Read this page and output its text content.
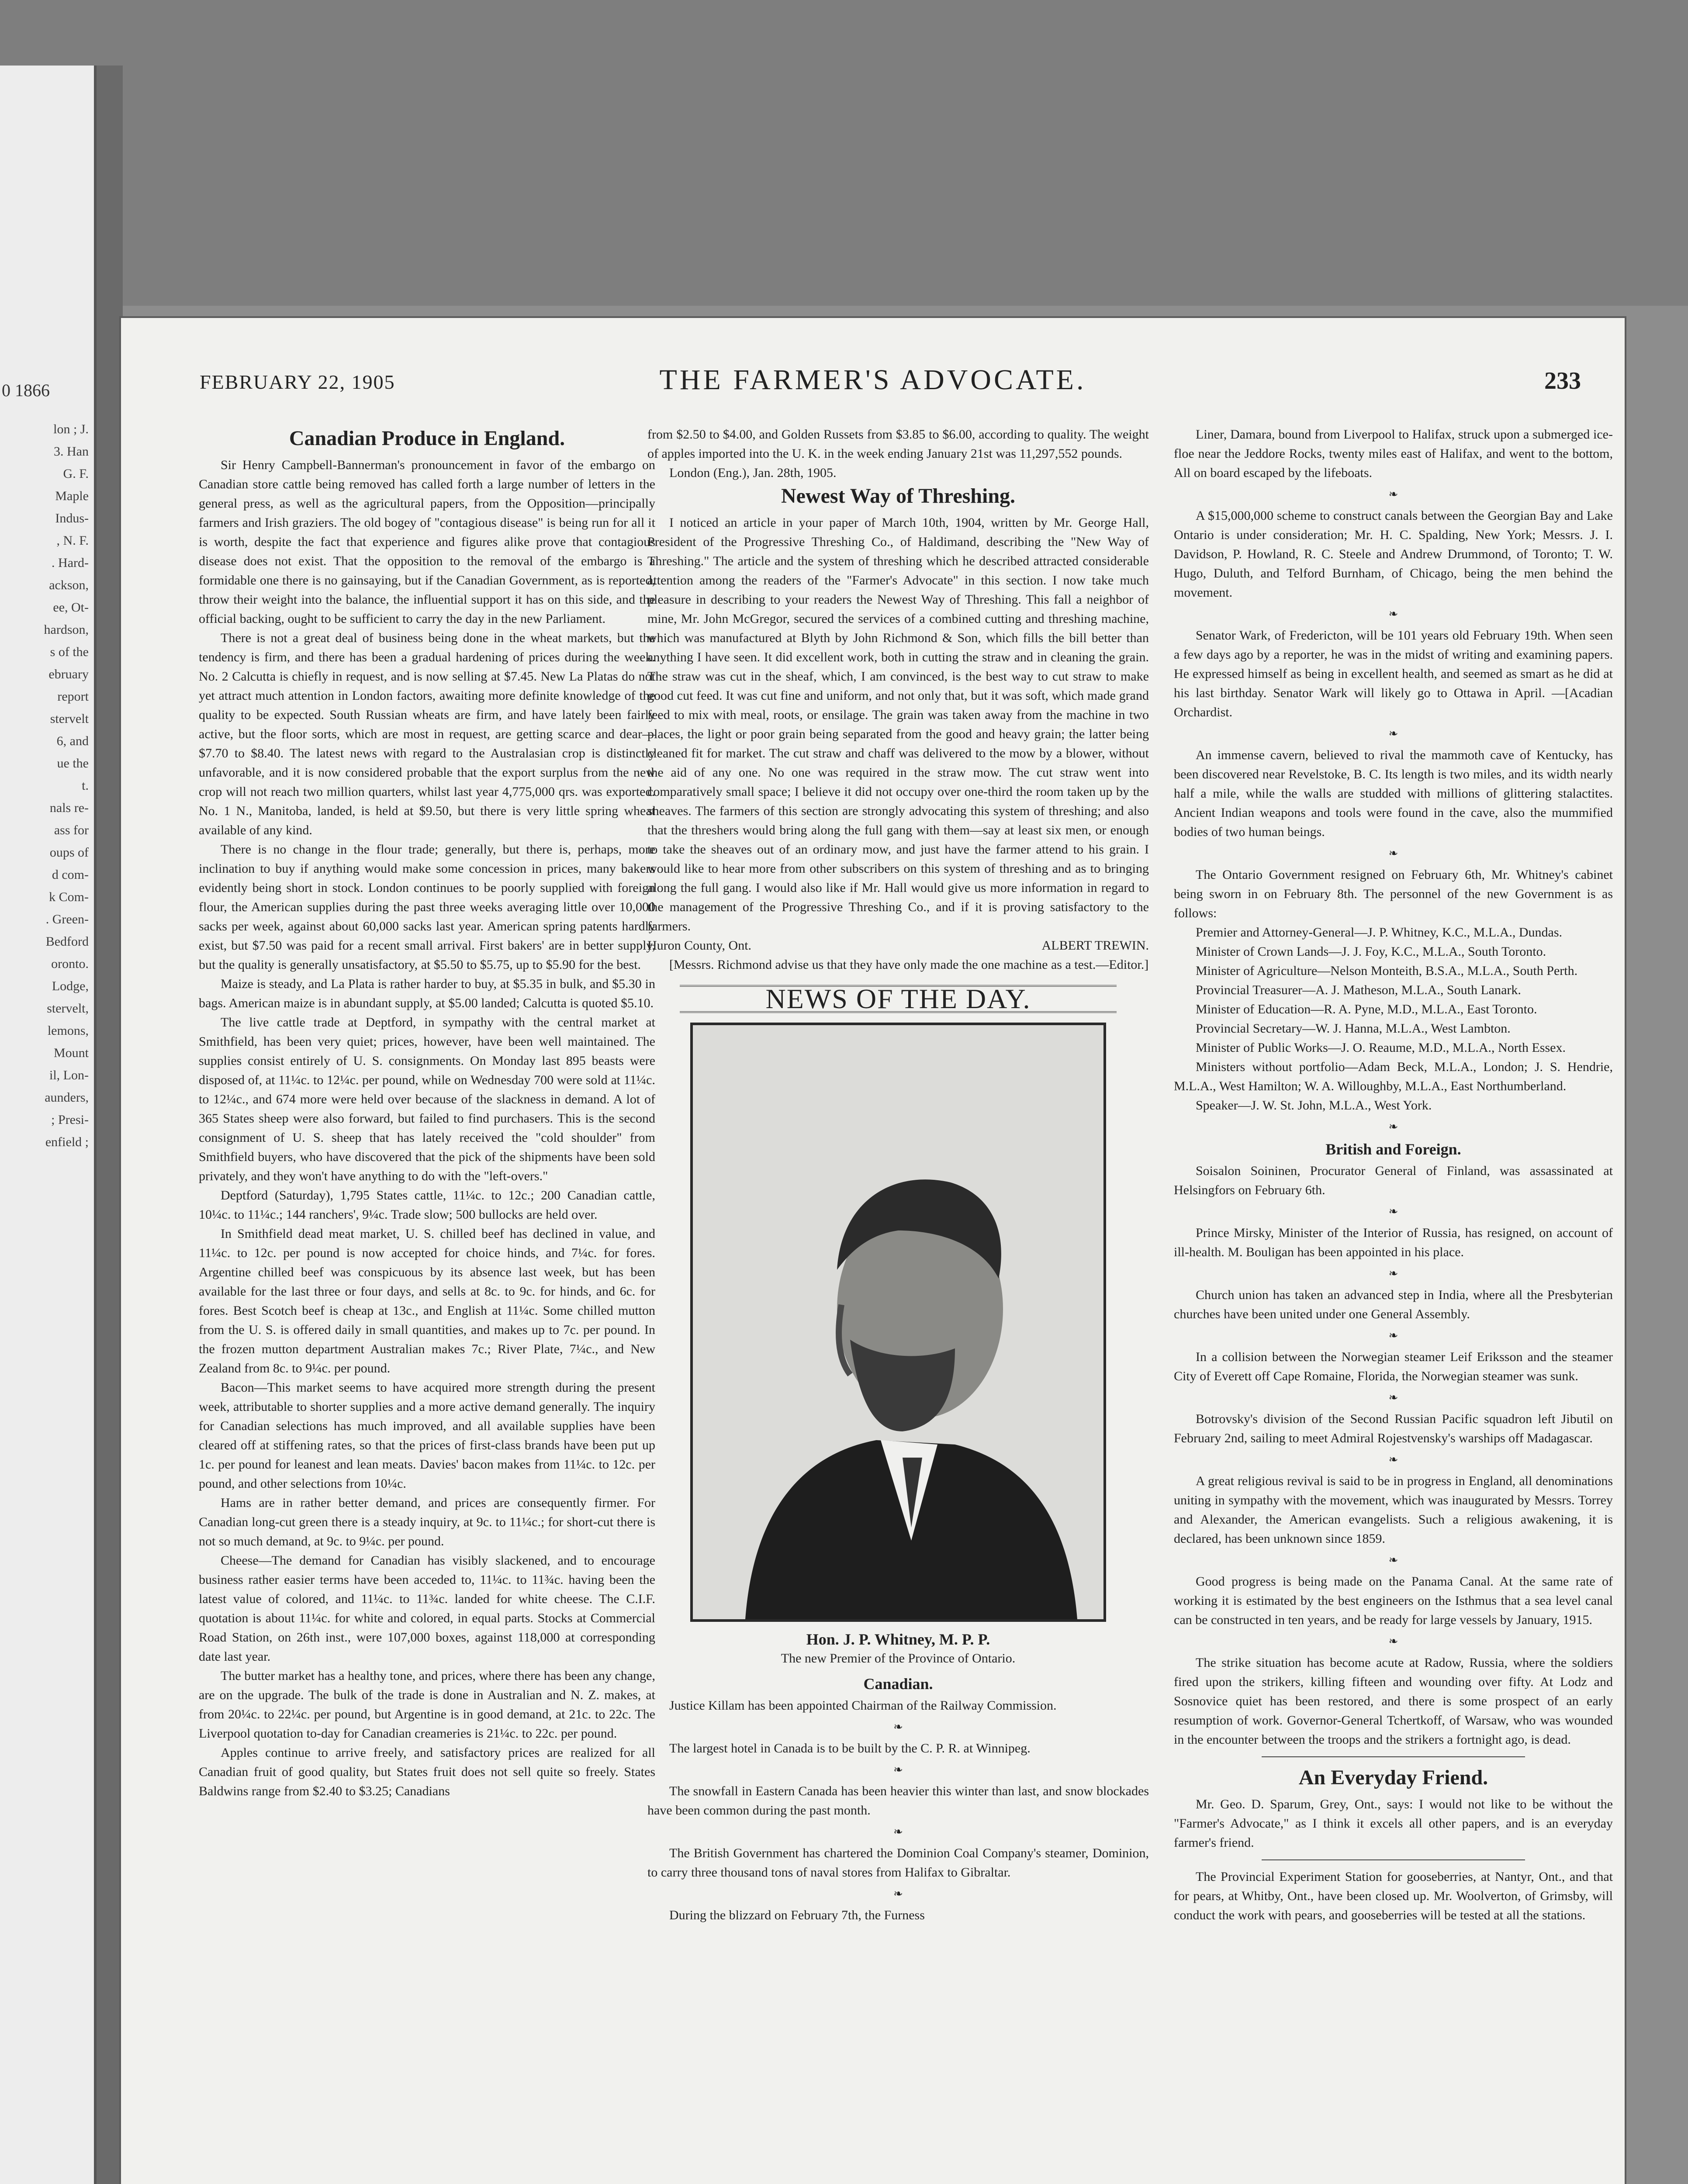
0 1866
lon ; J.
3. Han
G. F.
Maple
Indus-
, N. F.
. Hard-
ackson,
ee, Ot-
hardson,
s of the
ebruary
report
stervelt
6, and
ue the
t.
nals re-
ass for
oups of
d com-
k Com-
. Green-
Bedford
oronto.
Lodge,
stervelt,
lemons,
Mount
il, Lon-
aunders,
; Presi-
enfield ;
FEBRUARY 22, 1905	THE FARMER'S ADVOCATE.	233
Canadian Produce in England.

Sir Henry Campbell-Bannerman's pronouncement in favor of the embargo on Canadian store cattle being removed has called forth a large number of letters in the general press, as well as the agricultural papers, from the Opposition—principally farmers and Irish graziers. The old bogey of "contagious disease" is being run for all it is worth, despite the fact that experience and figures alike prove that contagious disease does not exist. That the opposition to the removal of the embargo is a formidable one there is no gainsaying, but if the Canadian Government, as is reported, throw their weight into the balance, the influential support it has on this side, and the official backing, ought to be sufficient to carry the day in the new Parliament.

There is not a great deal of business being done in the wheat markets, but the tendency is firm, and there has been a gradual hardening of prices during the week. No. 2 Calcutta is chiefly in request, and is now selling at $7.45. New La Platas do not yet attract much attention in London factors, awaiting more definite knowledge of the quality to be expected. South Russian wheats are firm, and have lately been fairly active, but the floor sorts, which are most in request, are getting scarce and dear—$7.70 to $8.40. The latest news with regard to the Australasian crop is distinctly unfavorable, and it is now considered probable that the export surplus from the new crop will not reach two million quarters, whilst last year 4,775,000 qrs. was exported. No. 1 N., Manitoba, landed, is held at $9.50, but there is very little spring wheat available of any kind.

There is no change in the flour trade; generally, but there is, perhaps, more inclination to buy if anything would make some concession in prices, many bakers evidently being short in stock. London continues to be poorly supplied with foreign flour, the American supplies during the past three weeks averaging little over 10,000 sacks per week, against about 60,000 sacks last year. American spring patents hardly exist, but $7.50 was paid for a recent small arrival. First bakers' are in better supply, but the quality is generally unsatisfactory, at $5.50 to $5.75, up to $5.90 for the best.

Maize is steady, and La Plata is rather harder to buy, at $5.35 in bulk, and $5.30 in bags. American maize is in abundant supply, at $5.00 landed; Calcutta is quoted $5.10.

The live cattle trade at Deptford, in sympathy with the central market at Smithfield, has been very quiet; prices, however, have been well maintained. The supplies consist entirely of U. S. consignments. On Monday last 895 beasts were disposed of, at 11¼c. to 12¼c. per pound, while on Wednesday 700 were sold at 11¼c. to 12¼c., and 674 more were held over because of the slackness in demand. A lot of 365 States sheep were also forward, but failed to find purchasers. This is the second consignment of U. S. sheep that has lately received the "cold shoulder" from Smithfield buyers, who have discovered that the pick of the shipments have been sold privately, and they won't have anything to do with the "left-overs."

Deptford (Saturday), 1,795 States cattle, 11¼c. to 12c.; 200 Canadian cattle, 10¼c. to 11¼c.; 144 ranchers', 9¼c. Trade slow; 500 bullocks are held over.

In Smithfield dead meat market, U. S. chilled beef has declined in value, and 11¼c. to 12c. per pound is now accepted for choice hinds, and 7¼c. for fores. Argentine chilled beef was conspicuous by its absence last week, but has been available for the last three or four days, and sells at 8c. to 9c. for hinds, and 6c. for fores. Best Scotch beef is cheap at 13c., and English at 11¼c. Some chilled mutton from the U. S. is offered daily in small quantities, and makes up to 7c. per pound. In the frozen mutton department Australian makes 7c.; River Plate, 7¼c., and New Zealand from 8c. to 9¼c. per pound.

Bacon—This market seems to have acquired more strength during the present week, attributable to shorter supplies and a more active demand generally. The inquiry for Canadian selections has much improved, and all available supplies have been cleared off at stiffening rates, so that the prices of first-class brands have been put up 1c. per pound for leanest and lean meats. Davies' bacon makes from 11¼c. to 12c. per pound, and other selections from 10¼c.

Hams are in rather better demand, and prices are consequently firmer. For Canadian long-cut green there is a steady inquiry, at 9c. to 11¼c.; for short-cut there is not so much demand, at 9c. to 9¼c. per pound.

Cheese—The demand for Canadian has visibly slackened, and to encourage business rather easier terms have been acceded to, 11¼c. to 11¾c. having been the latest value of colored, and 11¼c. to 11¾c. landed for white cheese. The C.I.F. quotation is about 11¼c. for white and colored, in equal parts. Stocks at Commercial Road Station, on 26th inst., were 107,000 boxes, against 118,000 at corresponding date last year.

The butter market has a healthy tone, and prices, where there has been any change, are on the upgrade. The bulk of the trade is done in Australian and N. Z. makes, at from 20¼c. to 22¼c. per pound, but Argentine is in good demand, at 21c. to 22c. The Liverpool quotation to-day for Canadian creameries is 21¼c. to 22c. per pound.

Apples continue to arrive freely, and satisfactory prices are realized for all Canadian fruit of good quality, but States fruit does not sell quite so freely. States Baldwins range from $2.40 to $3.25; Canadians

from $2.50 to $4.00, and Golden Russets from $3.85 to $6.00, according to quality. The weight of apples imported into the U. K. in the week ending January 21st was 11,297,552 pounds.

London (Eng.), Jan. 28th, 1905.

Newest Way of Threshing.

I noticed an article in your paper of March 10th, 1904, written by Mr. George Hall, President of the Progressive Threshing Co., of Haldimand, describing the "New Way of Threshing." The article and the system of threshing which he described attracted considerable attention among the readers of the "Farmer's Advocate" in this section. I now take much pleasure in describing to your readers the Newest Way of Threshing. This fall a neighbor of mine, Mr. John McGregor, secured the services of a combined cutting and threshing machine, which was manufactured at Blyth by John Richmond & Son, which fills the bill better than anything I have seen. It did excellent work, both in cutting the straw and in cleaning the grain. The straw was cut in the sheaf, which, I am convinced, is the best way to cut straw to make good cut feed. It was cut fine and uniform, and not only that, but it was soft, which made grand feed to mix with meal, roots, or ensilage. The grain was taken away from the machine in two places, the light or poor grain being separated from the good and heavy grain; the latter being cleaned fit for market. The cut straw and chaff was delivered to the mow by a blower, without the aid of any one. No one was required in the straw mow. The cut straw went into comparatively small space; I believe it did not occupy over one-third the room taken up by the sheaves. The farmers of this section are strongly advocating this system of threshing; and also that the threshers would bring along the full gang with them—say at least six men, or enough to take the sheaves out of an ordinary mow, and just have the farmer attend to his grain. I would like to hear more from other subscribers on this system of threshing and as to bringing along the full gang. I would also like if Mr. Hall would give us more information in regard to the management of the Progressive Threshing Co., and if it is proving satisfactory to the farmers.

Huron County, Ont.	ALBERT TREWIN.

[Messrs. Richmond advise us that they have only made the one machine as a test.—Editor.]

NEWS OF THE DAY.
Hon. J. P. Whitney, M. P. P.
The new Premier of the Province of Ontario.
Canadian.

Justice Killam has been appointed Chairman of the Railway Commission.

❧

The largest hotel in Canada is to be built by the C. P. R. at Winnipeg.

❧

The snowfall in Eastern Canada has been heavier this winter than last, and snow blockades have been common during the past month.

❧

The British Government has chartered the Dominion Coal Company's steamer, Dominion, to carry three thousand tons of naval stores from Halifax to Gibraltar.

❧

During the blizzard on February 7th, the Furness

Liner, Damara, bound from Liverpool to Halifax, struck upon a submerged ice-floe near the Jeddore Rocks, twenty miles east of Halifax, and went to the bottom, All on board escaped by the lifeboats.

❧

A $15,000,000 scheme to construct canals between the Georgian Bay and Lake Ontario is under consideration; Mr. H. C. Spalding, New York; Messrs. J. I. Davidson, P. Howland, R. C. Steele and Andrew Drummond, of Toronto; T. W. Hugo, Duluth, and Telford Burnham, of Chicago, being the men behind the movement.

❧

Senator Wark, of Fredericton, will be 101 years old February 19th. When seen a few days ago by a reporter, he was in the midst of writing and examining papers. He expressed himself as being in excellent health, and seemed as smart as he did at his last birthday. Senator Wark will likely go to Ottawa in April. —[Acadian Orchardist.

❧

An immense cavern, believed to rival the mammoth cave of Kentucky, has been discovered near Revelstoke, B. C. Its length is two miles, and its width nearly half a mile, while the walls are studded with millions of glittering stalactites. Ancient Indian weapons and tools were found in the cave, also the mummified bodies of two human beings.

❧

The Ontario Government resigned on February 6th, Mr. Whitney's cabinet being sworn in on February 8th. The personnel of the new Government is as follows:

Premier and Attorney-General—J. P. Whitney, K.C., M.L.A., Dundas.

Minister of Crown Lands—J. J. Foy, K.C., M.L.A., South Toronto.

Minister of Agriculture—Nelson Monteith, B.S.A., M.L.A., South Perth.

Provincial Treasurer—A. J. Matheson, M.L.A., South Lanark.

Minister of Education—R. A. Pyne, M.D., M.L.A., East Toronto.

Provincial Secretary—W. J. Hanna, M.L.A., West Lambton.

Minister of Public Works—J. O. Reaume, M.D., M.L.A., North Essex.

Ministers without portfolio—Adam Beck, M.L.A., London; J. S. Hendrie, M.L.A., West Hamilton; W. A. Willoughby, M.L.A., East Northumberland.

Speaker—J. W. St. John, M.L.A., West York.

❧
British and Foreign.

Soisalon Soininen, Procurator General of Finland, was assassinated at Helsingfors on February 6th.

❧

Prince Mirsky, Minister of the Interior of Russia, has resigned, on account of ill-health. M. Bouligan has been appointed in his place.

❧

Church union has taken an advanced step in India, where all the Presbyterian churches have been united under one General Assembly.

❧

In a collision between the Norwegian steamer Leif Eriksson and the steamer City of Everett off Cape Romaine, Florida, the Norwegian steamer was sunk.

❧

Botrovsky's division of the Second Russian Pacific squadron left Jibutil on February 2nd, sailing to meet Admiral Rojestvensky's warships off Madagascar.

❧

A great religious revival is said to be in progress in England, all denominations uniting in sympathy with the movement, which was inaugurated by Messrs. Torrey and Alexander, the American evangelists. Such a religious awakening, it is declared, has been unknown since 1859.

❧

Good progress is being made on the Panama Canal. At the same rate of working it is estimated by the best engineers on the Isthmus that a sea level canal can be constructed in ten years, and be ready for large vessels by January, 1915.

❧

The strike situation has become acute at Radow, Russia, where the soldiers fired upon the strikers, killing fifteen and wounding over fifty. At Lodz and Sosnovice quiet has been restored, and there is some prospect of an early resumption of work. Governor-General Tchertkoff, of Warsaw, who was wounded in the encounter between the troops and the strikers a fortnight ago, is dead.

An Everyday Friend.

Mr. Geo. D. Sparum, Grey, Ont., says: I would not like to be without the "Farmer's Advocate," as I think it excels all other papers, and is an everyday farmer's friend.

The Provincial Experiment Station for gooseberries, at Nantyr, Ont., and that for pears, at Whitby, Ont., have been closed up. Mr. Woolverton, of Grimsby, will conduct the work with pears, and gooseberries will be tested at all the stations.
